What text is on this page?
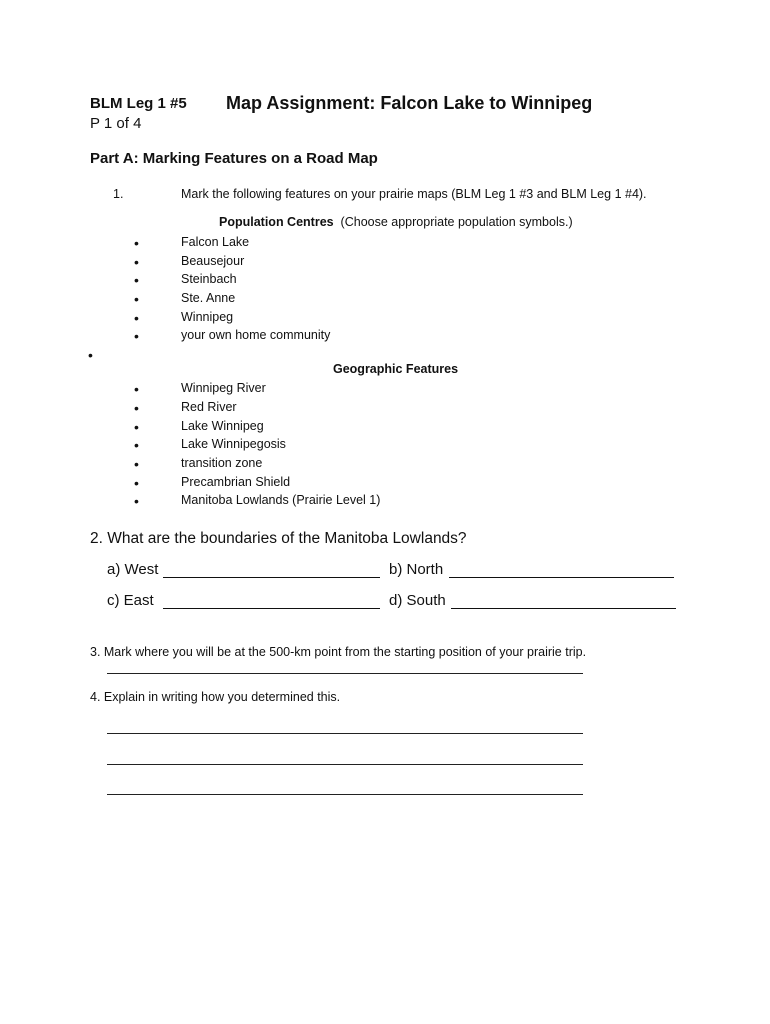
BLM Leg 1 #5 Map Assignment: Falcon Lake to Winnipeg
P 1 of 4
Part A: Marking Features on a Road Map
1.	Mark the following features on your prairie maps (BLM Leg 1 #3 and BLM Leg 1 #4).
Population Centres (Choose appropriate population symbols.)
•	Falcon Lake
•	Beausejour
•	Steinbach
•	Ste. Anne
•	Winnipeg
•	your own home community
•
Geographic Features
•	Winnipeg River
•	Red River
•	Lake Winnipeg
•	Lake Winnipegosis
•	transition zone
•	Precambrian Shield
•	Manitoba Lowlands (Prairie Level 1)
2. What are the boundaries of the Manitoba Lowlands?
a) West	b) North
c) East	d) South
3. Mark where you will be at the 500-km point from the starting position of your prairie trip.
4. Explain in writing how you determined this.
